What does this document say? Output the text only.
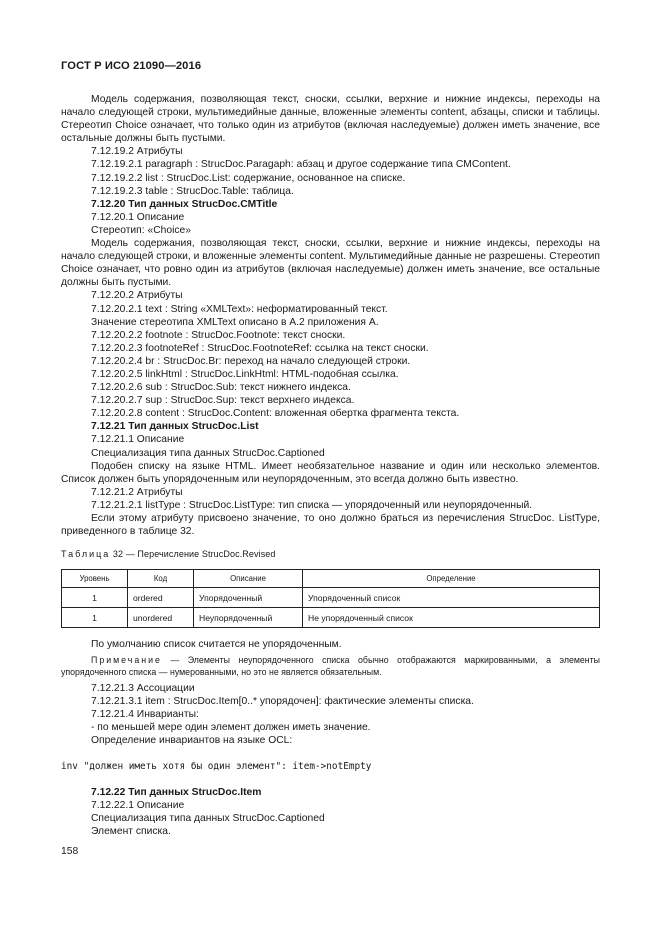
ГОСТ Р ИСО 21090—2016

Модель содержания, позволяющая текст, сноски, ссылки, верхние и нижние индексы, переходы на начало следующей строки, мультимедийные данные, вложенные элементы content, абзацы, списки и таблицы. Стереотип Choice означает, что только один из атрибутов (включая наследуемые) должен иметь значение, все остальные должны быть пустыми.

7.12.19.2 Атрибуты

7.12.19.2.1 paragraph : StrucDoc.Paragaph: абзац и другое содержание типа CMContent.

7.12.19.2.2 list : StrucDoc.List: содержание, основанное на списке.

7.12.19.2.3 table : StrucDoc.Table: таблица.

7.12.20 Тип данных StrucDoc.CMTitle

7.12.20.1 Описание

Стереотип: «Choice»

Модель содержания, позволяющая текст, сноски, ссылки, верхние и нижние индексы, переходы на начало следующей строки, и вложенные элементы content. Мультимедийные данные не разрешены. Стереотип Choice означает, что ровно один из атрибутов (включая наследуемые) должен иметь значение, все остальные должны быть пустыми.

7.12.20.2 Атрибуты

7.12.20.2.1 text : String «XMLText»: неформатированный текст.

Значение стереотипа XMLText описано в А.2 приложения А.

7.12.20.2.2 footnote : StrucDoc.Footnote: текст сноски.

7.12.20.2.3 footnoteRef : StrucDoc.FootnoteRef: ссылка на текст сноски.

7.12.20.2.4 br : StrucDoc.Br: переход на начало следующей строки.

7.12.20.2.5 linkHtml : StrucDoc.LinkHtml: HTML-подобная ссылка.

7.12.20.2.6 sub : StrucDoc.Sub: текст нижнего индекса.

7.12.20.2.7 sup : StrucDoc.Sup: текст верхнего индекса.

7.12.20.2.8 content : StrucDoc.Content: вложенная обертка фрагмента текста.

7.12.21 Тип данных StrucDoc.List

7.12.21.1 Описание

Специализация типа данных StrucDoc.Captioned

Подобен списку на языке HTML. Имеет необязательное название и один или несколько элементов. Список должен быть упорядоченным или неупорядоченным, это всегда должно быть известно.

7.12.21.2 Атрибуты

7.12.21.2.1 listType : StrucDoc.ListType: тип списка — упорядоченный или неупорядоченный.

Если этому атрибуту присвоено значение, то оно должно браться из перечисления StrucDoc. ListType, приведенного в таблице 32.

Таблица 32 — Перечисление StrucDoc.Revised
Уровень	Код	Описание	Определение
1	ordered	Упорядоченный	Упорядоченный список
1	unordered	Неупорядоченный	Не упорядоченный список

По умолчанию список считается не упорядоченным.

Примечание — Элементы неупорядоченного списка обычно отображаются маркированными, а элементы упорядоченного списка — нумерованными, но это не является обязательным.

7.12.21.3 Ассоциации

7.12.21.3.1 item : StrucDoc.Item[0..* упорядочен]: фактические элементы списка.

7.12.21.4 Инварианты:

- по меньшей мере один элемент должен иметь значение.

Определение инвариантов на языке OCL:

inv "должен иметь хотя бы один элемент": item->notEmpty

7.12.22 Тип данных StrucDoc.Item

7.12.22.1 Описание

Специализация типа данных StrucDoc.Captioned

Элемент списка.

158
